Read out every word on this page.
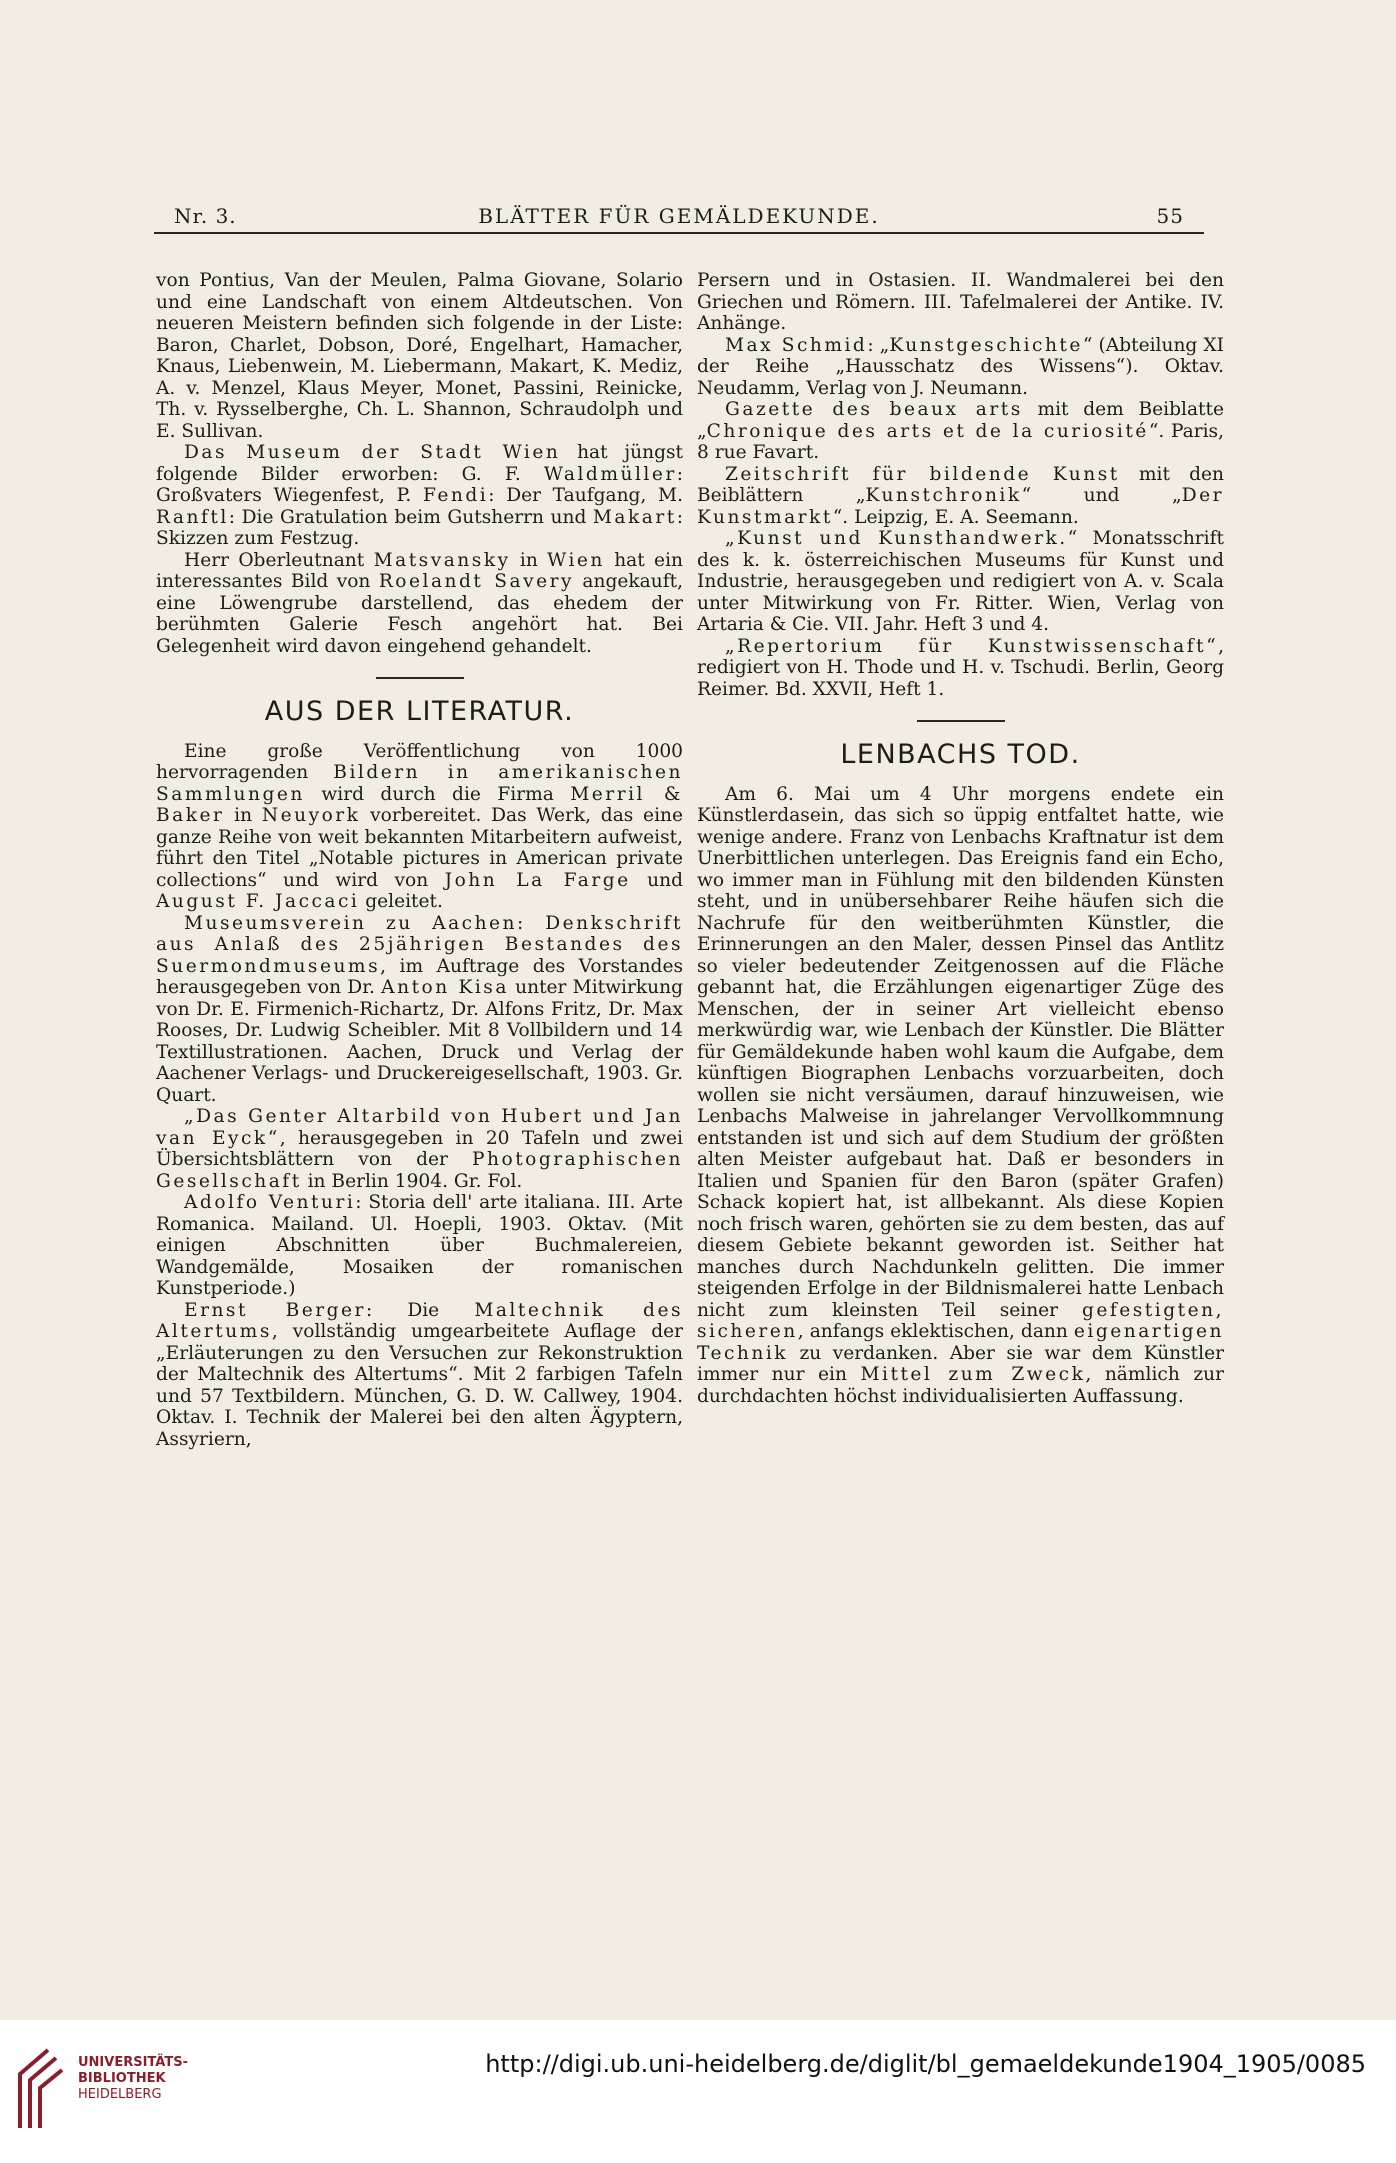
Nr. 3.	BLÄTTER FÜR GEMÄLDEKUNDE.	55

von Pontius, Van der Meulen, Palma Giovane, Solario und eine Landschaft von einem Altdeutschen. Von neueren Meistern befinden sich folgende in der Liste: Baron, Charlet, Dobson, Doré, Engelhart, Hamacher, Knaus, Liebenwein, M. Liebermann, Makart, K. Mediz, A. v. Menzel, Klaus Meyer, Monet, Passini, Reinicke, Th. v. Rysselberghe, Ch. L. Shannon, Schraudolph und E. Sullivan.

Das Museum der Stadt Wien hat jüngst folgende Bilder erworben: G. F. Waldmüller: Großvaters Wiegenfest, P. Fendi: Der Taufgang, M. Ranftl: Die Gratulation beim Gutsherrn und Makart: Skizzen zum Festzug.

Herr Oberleutnant Matsvansky in Wien hat ein interessantes Bild von Roelandt Savery angekauft, eine Löwengrube darstellend, das ehedem der berühmten Galerie Fesch angehört hat. Bei Gelegenheit wird davon eingehend gehandelt.

AUS DER LITERATUR.

Eine große Veröffentlichung von 1000 hervorragenden Bildern in amerikanischen Sammlungen wird durch die Firma Merril & Baker in Neuyork vorbereitet. Das Werk, das eine ganze Reihe von weit bekannten Mitarbeitern aufweist, führt den Titel „Notable pictures in American private collections“ und wird von John La Farge und August F. Jaccaci geleitet.

Museumsverein zu Aachen: Denkschrift aus Anlaß des 25jährigen Bestandes des Suermondmuseums, im Auftrage des Vorstandes herausgegeben von Dr. Anton Kisa unter Mitwirkung von Dr. E. Firmenich-Richartz, Dr. Alfons Fritz, Dr. Max Rooses, Dr. Ludwig Scheibler. Mit 8 Vollbildern und 14 Textillustrationen. Aachen, Druck und Verlag der Aachener Verlags- und Druckereigesellschaft, 1903. Gr. Quart.

„Das Genter Altarbild von Hubert und Jan van Eyck“, herausgegeben in 20 Tafeln und zwei Übersichtsblättern von der Photographischen Gesellschaft in Berlin 1904. Gr. Fol.

Adolfo Venturi: Storia dell' arte italiana. III. Arte Romanica. Mailand. Ul. Hoepli, 1903. Oktav. (Mit einigen Abschnitten über Buchmalereien, Wandgemälde, Mosaiken der romanischen Kunstperiode.)

Ernst Berger: Die Maltechnik des Altertums, vollständig umgearbeitete Auflage der „Erläuterungen zu den Versuchen zur Rekonstruktion der Maltechnik des Altertums“. Mit 2 farbigen Tafeln und 57 Textbildern. München, G. D. W. Callwey, 1904. Oktav. I. Technik der Malerei bei den alten Ägyptern, Assyriern,

Persern und in Ostasien. II. Wandmalerei bei den Griechen und Römern. III. Tafelmalerei der Antike. IV. Anhänge.

Max Schmid: „Kunstgeschichte“ (Abteilung XI der Reihe „Hausschatz des Wissens“). Oktav. Neudamm, Verlag von J. Neumann.

Gazette des beaux arts mit dem Beiblatte „Chronique des arts et de la curiosité“. Paris, 8 rue Favart.

Zeitschrift für bildende Kunst mit den Beiblättern „Kunstchronik“ und „Der Kunstmarkt“. Leipzig, E. A. Seemann.

„Kunst und Kunsthandwerk.“ Monatsschrift des k. k. österreichischen Museums für Kunst und Industrie, herausgegeben und redigiert von A. v. Scala unter Mitwirkung von Fr. Ritter. Wien, Verlag von Artaria & Cie. VII. Jahr. Heft 3 und 4.

„Repertorium für Kunstwissenschaft“, redigiert von H. Thode und H. v. Tschudi. Berlin, Georg Reimer. Bd. XXVII, Heft 1.

LENBACHS TOD.

Am 6. Mai um 4 Uhr morgens endete ein Künstlerdasein, das sich so üppig entfaltet hatte, wie wenige andere. Franz von Lenbachs Kraftnatur ist dem Unerbittlichen unterlegen. Das Ereignis fand ein Echo, wo immer man in Fühlung mit den bildenden Künsten steht, und in unübersehbarer Reihe häufen sich die Nachrufe für den weitberühmten Künstler, die Erinnerungen an den Maler, dessen Pinsel das Antlitz so vieler bedeutender Zeitgenossen auf die Fläche gebannt hat, die Erzählungen eigenartiger Züge des Menschen, der in seiner Art vielleicht ebenso merkwürdig war, wie Lenbach der Künstler. Die Blätter für Gemäldekunde haben wohl kaum die Aufgabe, dem künftigen Biographen Lenbachs vorzuarbeiten, doch wollen sie nicht versäumen, darauf hinzuweisen, wie Lenbachs Malweise in jahrelanger Vervollkommnung entstanden ist und sich auf dem Studium der größten alten Meister aufgebaut hat. Daß er besonders in Italien und Spanien für den Baron (später Grafen) Schack kopiert hat, ist allbekannt. Als diese Kopien noch frisch waren, gehörten sie zu dem besten, das auf diesem Gebiete bekannt geworden ist. Seither hat manches durch Nachdunkeln gelitten. Die immer steigenden Erfolge in der Bildnismalerei hatte Lenbach nicht zum kleinsten Teil seiner gefestigten, sicheren, anfangs eklektischen, dann eigenartigen Technik zu verdanken. Aber sie war dem Künstler immer nur ein Mittel zum Zweck, nämlich zur durchdachten höchst individualisierten Auffassung.

UNIVERSITÄTS-
BIBLIOTHEK
HEIDELBERG
http://digi.ub.uni-heidelberg.de/diglit/bl_gemaeldekunde1904_1905/0085
